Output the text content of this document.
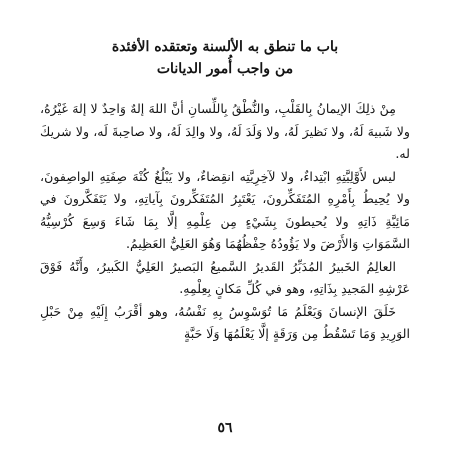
باب ما تنطق به الألسنة وتعتقده الأفئدة
من واجب أُمور الديانات

مِنْ ذلِكَ الإيمانُ بِالقَلْبِ، والنُّطْقُ بِاللِّسانِ أنَّ اللهَ إلهٌ وَاحِدٌ لا إلهَ غَيْرُهُ، ولا شَبيهَ لَهُ، ولا نَظيرَ لَهُ، ولا وَلَدَ لَهُ، ولا والِدَ لَهُ، ولا صاحِبةَ لَه، ولا شريكَ له.

ليس لأَوَّلِيَّتِهِ ابْتِداءٌ، ولا لآخِرِيَّتِه انقِضاءٌ، ولا يَبْلُغُ كُنْهَ صِفَتِهِ الواصِفونَ، ولا يُحِيطُ بِأَمْرِهِ المُتَفَكِّرونَ، يَعْتَبِرُ المُتَفَكِّرونَ بِآياتِهِ، ولا يَتَفَكَّرونَ في مَائِيَّةِ ذَاتِهِ ولا يُحيطونَ بِشَيْءٍ مِن عِلْمِهِ إلَّا بِمَا شَاءَ وَسِعَ كُرْسِيُّهُ السَّمَوَاتِ وَالأَرْضَ ولا يَؤُودُهُ حِفْظُهُمَا وَهُوَ العَلِيُّ العَظِيمُ.

العالِمُ الخَبيرُ المُدَبِّرُ القَديرُ السَّميعُ البَصيرُ العَلِيُّ الكَبيرُ، وأَنَّهُ فَوْقَ عَرْشِهِ المَجيدِ بِذَاتِهِ، وهو في كُلِّ مَكانٍ بِعِلْمِهِ.

خَلَقَ الإنسانَ وَيَعْلَمُ مَا تُوَسْوِسُ بِهِ نَفْسُهُ، وهو أقْرَبُ إِلَيْهِ مِنْ حَبْلِ الوَرِيدِ وَمَا تَسْقُطُ مِن وَرَقَةٍ إلَّا يَعْلَمُهَا وَلَا حَبَّةٍ

٥٦
